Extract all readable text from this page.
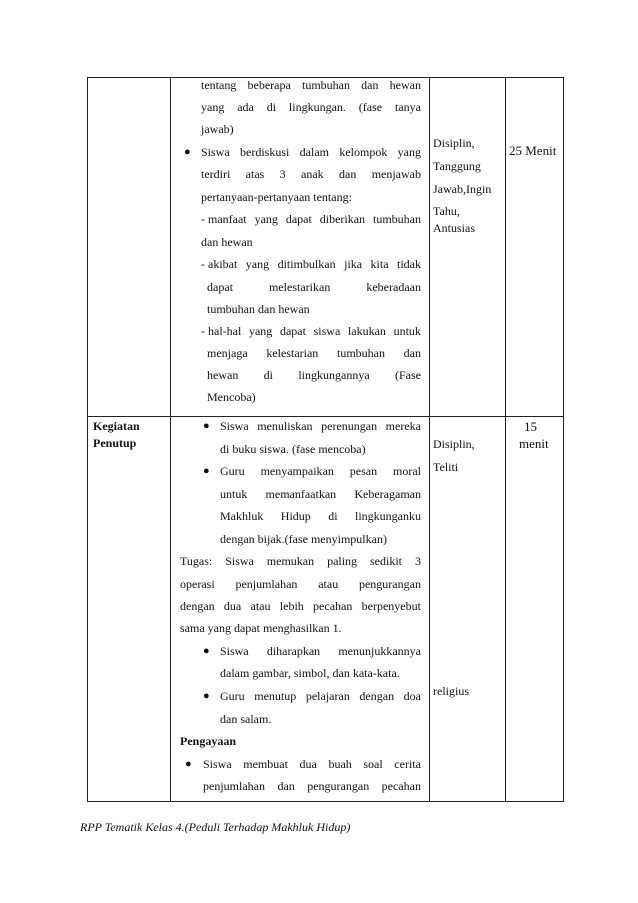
tentang beberapa tumbuhan dan hewan
yang ada di lingkungan. (fase tanya
jawab)
● Siswa berdiskusi dalam kelompok yang
terdiri atas 3 anak dan menjawab
pertanyaan-pertanyaan tentang:
- manfaat yang dapat diberikan tumbuhan
dan hewan
- akibat yang ditimbulkan jika kita tidak
dapat	melestarikan	keberadaan
tumbuhan dan hewan
- hal-hal yang dapat siswa lakukan untuk
menjaga kelestarian tumbuhan dan
hewan di lingkungannya (Fase
Mencoba)
Disiplin,
Tanggung
Jawab,Ingin
Tahu,
Antusias
25 Menit
Kegiatan
Penutup
● Siswa menuliskan perenungan mereka
di buku siswa. (fase mencoba)
● Guru menyampaikan pesan moral
untuk memanfaatkan Keberagaman
Makhluk Hidup di lingkunganku
dengan bijak.(fase menyimpulkan)
Tugas: Siswa memukan paling sedikit 3
operasi penjumlahan atau pengurangan
dengan dua atau lebih pecahan berpenyebut
sama yang dapat menghasilkan 1.
● Siswa diharapkan menunjukkannya
dalam gambar, simbol, dan kata-kata.
● Guru menutup pelajaran dengan doa
dan salam.
Pengayaan
● Siswa membuat dua buah soal cerita
penjumlahan dan pengurangan pecahan
Disiplin,
Teliti
religius
15
menit
RPP Tematik Kelas 4.(Peduli Terhadap Makhluk Hidup)
